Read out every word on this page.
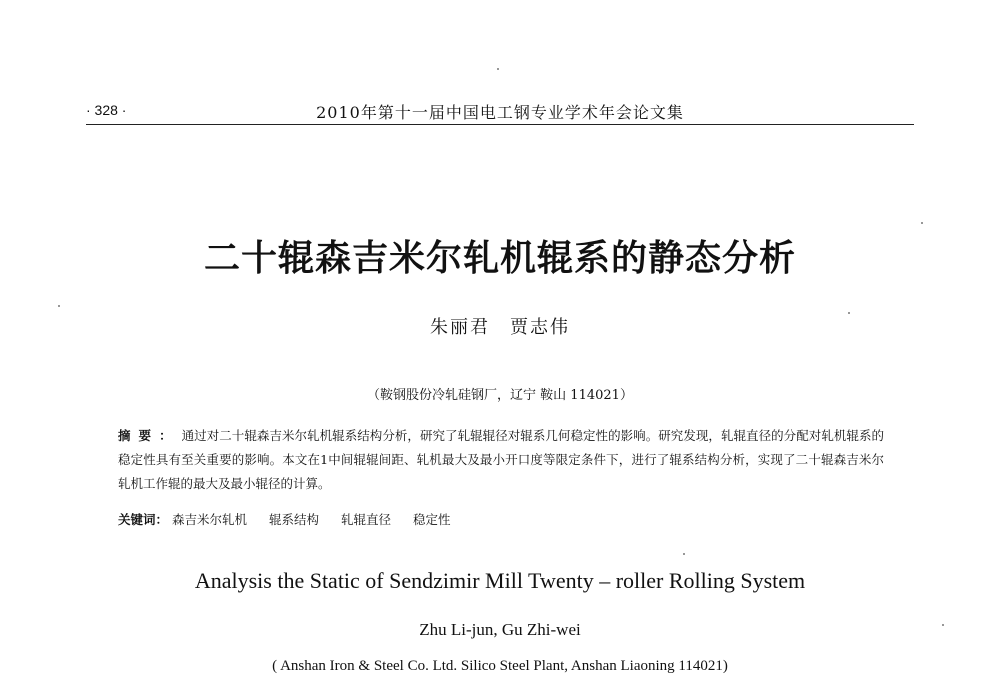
· 328 ·	2010年第十一届中国电工钢专业学术年会论文集
二十辊森吉米尔轧机辊系的静态分析
朱丽君　贾志伟
（鞍钢股份冷轧硅钢厂，辽宁 鞍山 114021）
摘要： 通过对二十辊森吉米尔轧机辊系结构分析，研究了轧辊辊径对辊系几何稳定性的影响。研究发现，轧辊直径的分配对轧机辊系的稳定性具有至关重要的影响。本文在1中间辊辊间距、轧机最大及最小开口度等限定条件下，进行了辊系结构分析，实现了二十辊森吉米尔轧机工作辊的最大及最小辊径的计算。
关键词： 森吉米尔轧机 辊系结构 轧辊直径 稳定性
Analysis the Static of Sendzimir Mill Twenty – roller Rolling System
Zhu Li-jun, Gu Zhi-wei
( Anshan Iron & Steel Co. Ltd. Silico Steel Plant, Anshan Liaoning 114021)
